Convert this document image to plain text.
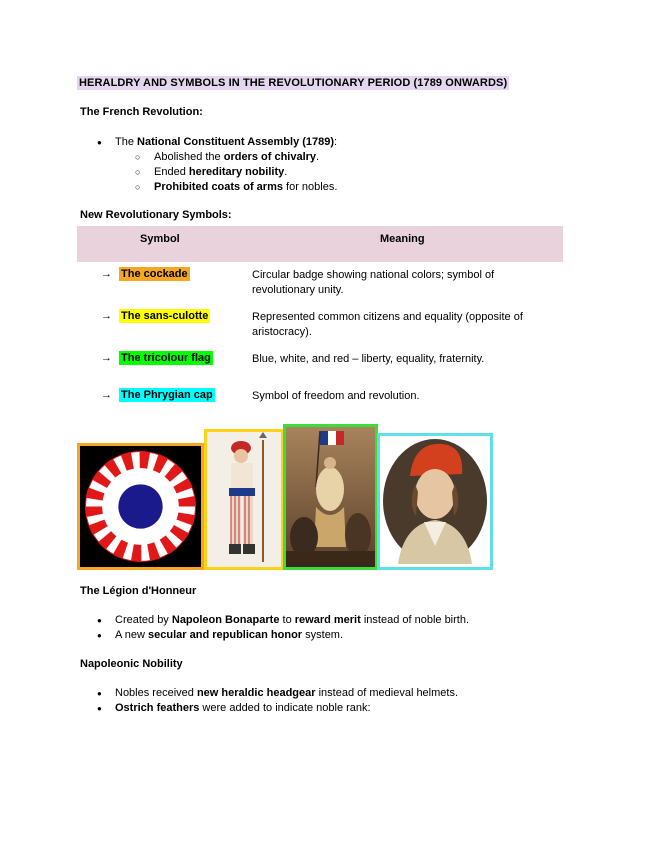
HERALDRY AND SYMBOLS IN THE REVOLUTIONARY PERIOD (1789 ONWARDS)
The French Revolution:
● The National Constituent Assembly (1789):
○ Abolished the orders of chivalry.
○ Ended hereditary nobility.
○ Prohibited coats of arms for nobles.
New Revolutionary Symbols:
Symbol	Meaning
→ The cockade	Circular badge showing national colors; symbol of revolutionary unity.
→ The sans-culotte	Represented common citizens and equality (opposite of aristocracy).
→ The tricolour flag	Blue, white, and red – liberty, equality, fraternity.
→ The Phrygian cap	Symbol of freedom and revolution.
The Légion d'Honneur
● Created by Napoleon Bonaparte to reward merit instead of noble birth.
● A new secular and republican honor system.
Napoleonic Nobility
● Nobles received new heraldic headgear instead of medieval helmets.
● Ostrich feathers were added to indicate noble rank:
